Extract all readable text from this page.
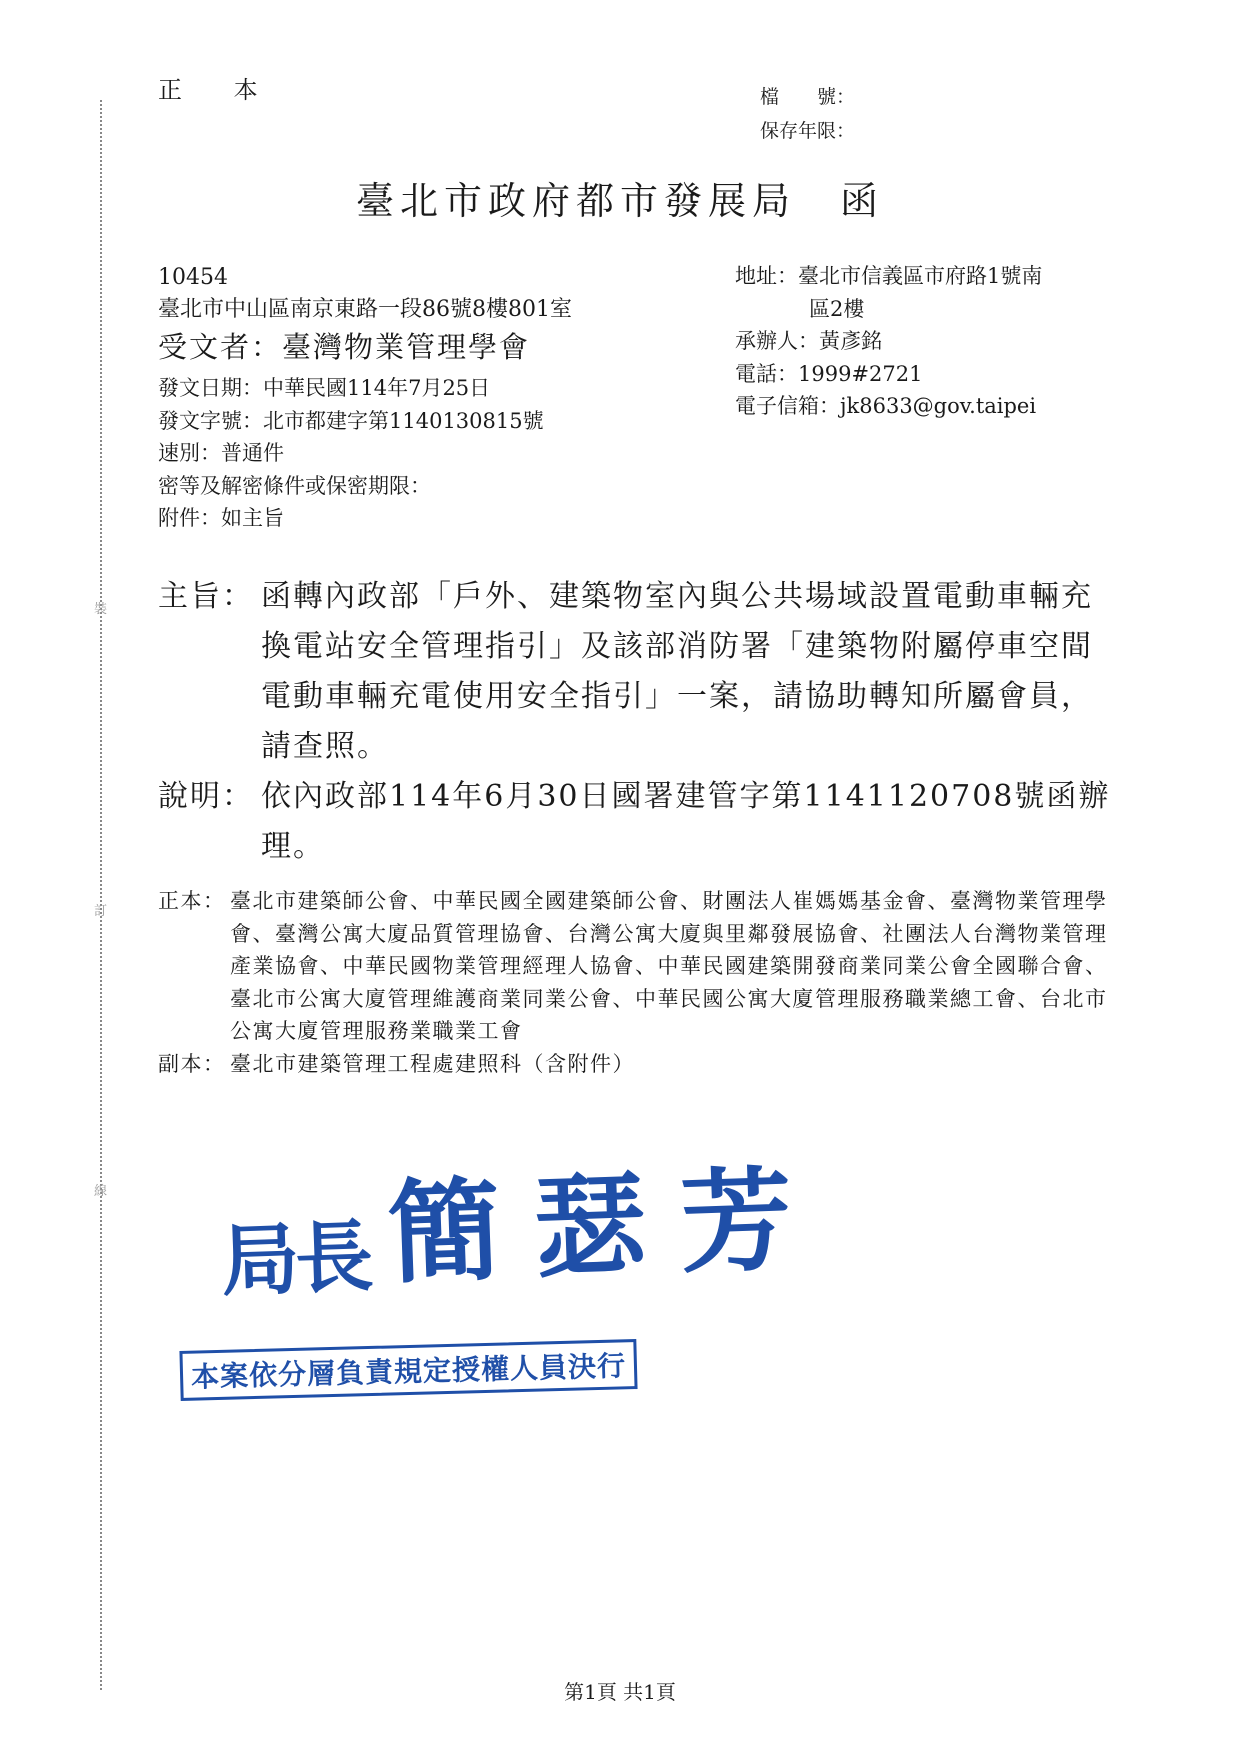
裝
訂
線
正 本	檔　　號：
保存年限：
臺北市政府都市發展局　函
10454
臺北市中山區南京東路一段86號8樓801室
受文者：臺灣物業管理學會
發文日期：中華民國114年7月25日
發文字號：北市都建字第1140130815號
速別：普通件
密等及解密條件或保密期限：
附件：如主旨
地址：臺北市信義區市府路1號南
區2樓
承辦人：黃彥銘
電話：1999#2721
電子信箱：jk8633@gov.taipei
主旨： 函轉內政部「戶外、建築物室內與公共場域設置電動車輛充換電站安全管理指引」及該部消防署「建築物附屬停車空間電動車輛充電使用安全指引」一案，請協助轉知所屬會員，請查照。
說明： 依內政部114年6月30日國署建管字第1141120708號函辦理。
正本： 臺北市建築師公會、中華民國全國建築師公會、財團法人崔媽媽基金會、臺灣物業管理學會、臺灣公寓大廈品質管理協會、台灣公寓大廈與里鄰發展協會、社團法人台灣物業管理產業協會、中華民國物業管理經理人協會、中華民國建築開發商業同業公會全國聯合會、臺北市公寓大廈管理維護商業同業公會、中華民國公寓大廈管理服務職業總工會、台北市公寓大廈管理服務業職業工會
副本： 臺北市建築管理工程處建照科（含附件）
局長 簡瑟芳
本案依分層負責規定授權人員決行
第1頁 共1頁
